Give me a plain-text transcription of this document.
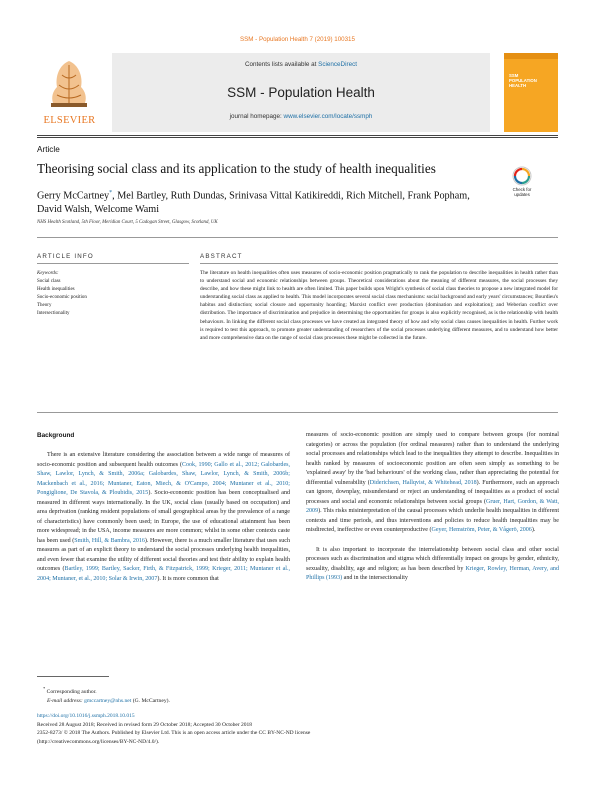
SSM - Population Health 7 (2019) 100315
ELSEVIER
Contents lists available at ScienceDirect
SSM - Population Health
journal homepage: www.elsevier.com/locate/ssmph
SSM
POPULATION
HEALTH
Article
Theorising social class and its application to the study of health inequalities
Check for
updates
Gerry McCartney*, Mel Bartley, Ruth Dundas, Srinivasa Vittal Katikireddi, Rich Mitchell, Frank Popham, David Walsh, Welcome Wami
NHS Health Scotland, 5th Floor, Meridian Court, 5 Cadogan Street, Glasgow, Scotland, UK
ARTICLE INFO	ABSTRACT
Keywords:
Social class
Health inequalities
Socio-economic position
Theory
Intersectionality
The literature on health inequalities often uses measures of socio-economic position pragmatically to rank the population to describe inequalities in health rather than to understand social and economic relationships between groups. Theoretical considerations about the meaning of different measures, the social processes they describe, and how these might link to health are often limited. This paper builds upon Wright's synthesis of social class theories to propose a new integrated model for understanding social class as applied to health. This model incorporates several social class mechanisms: social background and early years' circumstances; Bourdieu's habitus and distinction; social closure and opportunity hoarding; Marxist conflict over production (domination and exploitation); and Weberian conflict over distribution. The importance of discrimination and prejudice in determining the opportunities for groups is also explicitly recognised, as is the relationship with health behaviours. In linking the different social class processes we have created an integrated theory of how and why social class causes inequalities in health. Further work is required to test this approach, to promote greater understanding of researchers of the social processes underlying different measures, and to understand how better and more comprehensive data on the range of social class processes these might be collected in the future.
Background

There is an extensive literature considering the association between a wide range of measures of socio-economic position and subsequent health outcomes (Cook, 1990; Gallo et al., 2012; Galobardes, Shaw, Lawlor, Lynch, & Smith, 2006a; Galobardes, Shaw, Lawlor, Lynch, & Smith, 2006b; Mackenbach et al., 2016; Muntaner, Eaton, Miech, & O'Campo, 2004; Muntaner et al., 2010; Pongiglione, De Stavola, & Ploubidis, 2015). Socio-economic position has been conceptualised and measured in different ways internationally. In the UK, social class (usually based on occupation) and area deprivation (ranking resident populations of small geographical areas by the prevalence of a range of characteristics) have commonly been used; in Europe, the use of educational attainment has been more widespread; in the USA, income measures are more common; whilst in some other contexts caste has been used (Smith, Hill, & Bambra, 2016). However, there is a much smaller literature that uses such measures as part of an explicit theory to understand the social processes underlying health inequalities, and even fewer that examine the utility of different social theories and test their ability to explain health outcomes (Bartley, 1999; Bartley, Sacker, Firth, & Fitzpatrick, 1999; Krieger, 2011; Muntaner et al., 2004; Muntaner, et al., 2010; Solar & Irwin, 2007). It is more common that

measures of socio-economic position are simply used to compare between groups (for nominal categories) or across the population (for ordinal measures) rather than to understand the underlying social processes and relationships which lead to the inequalities they attempt to describe. Inequalities in health ranked by measures of socioeconomic position are often seen simply as something to be 'explained away' by the 'bad behaviours' of the working class, rather than appreciating the potential for differential vulnerability (Diderichsen, Hallqvist, & Whitehead, 2018). Furthermore, such an approach can ignore, downplay, misunderstand or reject an understanding of inequalities as a product of social processes and social and economic relationships between social groups (Gruer, Hart, Gordon, & Watt, 2009). This risks misinterpretation of the causal processes which underlie health inequalities in different contexts and time periods, and thus interventions and policies to reduce health inequalities may be misdirected, ineffective or even counterproductive (Geyer, Hemström, Peter, & Vågerö, 2006).

It is also important to incorporate the interrelationship between social class and other social processes such as discrimination and stigma which differentially impact on groups by gender, ethnicity, sexuality, disability, age and religion; as has been described by Krieger, Rowley, Herman, Avery, and Phillips (1993) and in the intersectionality

* Corresponding author.
E-mail address: gmccartney@nhs.net (G. McCartney).
https://doi.org/10.1016/j.ssmph.2018.10.015
Received 28 August 2018; Received in revised form 29 October 2018; Accepted 30 October 2018
2352-8273/ © 2018 The Authors. Published by Elsevier Ltd. This is an open access article under the CC BY-NC-ND license
(http://creativecommons.org/licenses/BY-NC-ND/4.0/).
